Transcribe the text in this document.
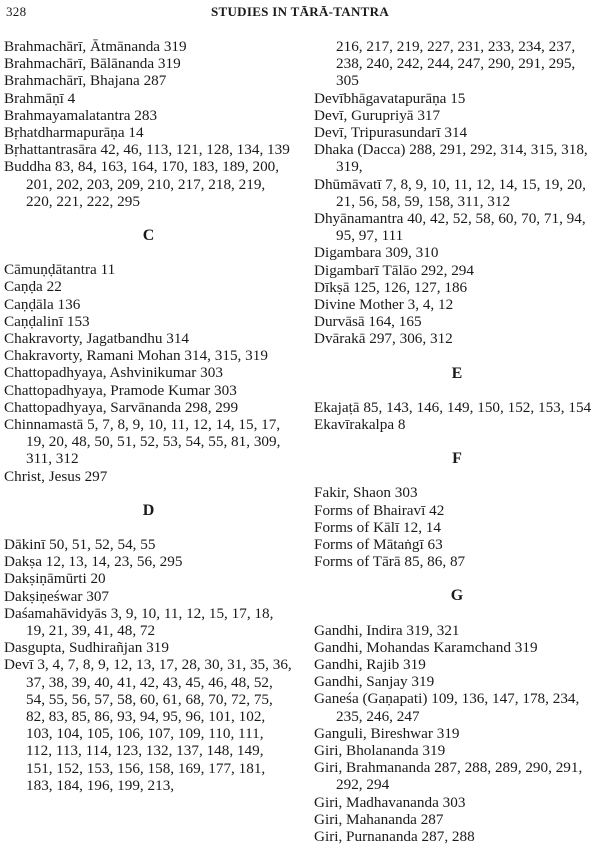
328	STUDIES IN TĀRĀ-TANTRA
Brahmachārī, Ātmānanda 319
Brahmachārī, Bālānanda 319
Brahmachārī, Bhajana 287
Brahmāṇī 4
Brahmayamalatantra 283
Bṛhatdharmapurāṇa 14
Bṛhattantrasāra 42, 46, 113, 121, 128, 134, 139
Buddha 83, 84, 163, 164, 170, 183, 189, 200, 201, 202, 203, 209, 210, 217, 218, 219, 220, 221, 222, 295
C
Cāmuṇḍātantra 11
Caṇḍa 22
Caṇḍāla 136
Caṇḍalinī 153
Chakravorty, Jagatbandhu 314
Chakravorty, Ramani Mohan 314, 315, 319
Chattopadhyaya, Ashvinikumar 303
Chattopadhyaya, Pramode Kumar 303
Chattopadhyaya, Sarvānanda 298, 299
Chinnamastā 5, 7, 8, 9, 10, 11, 12, 14, 15, 17, 19, 20, 48, 50, 51, 52, 53, 54, 55, 81, 309, 311, 312
Christ, Jesus 297
D
Dākinī 50, 51, 52, 54, 55
Dakṣa 12, 13, 14, 23, 56, 295
Dakṣiṇāmūrti 20
Dakṣiṇeśwar 307
Daśamahāvidyās 3, 9, 10, 11, 12, 15, 17, 18, 19, 21, 39, 41, 48, 72
Dasgupta, Sudhirañjan 319
Devī 3, 4, 7, 8, 9, 12, 13, 17, 28, 30, 31, 35, 36, 37, 38, 39, 40, 41, 42, 43, 45, 46, 48, 52, 54, 55, 56, 57, 58, 60, 61, 68, 70, 72, 75, 82, 83, 85, 86, 93, 94, 95, 96, 101, 102, 103, 104, 105, 106, 107, 109, 110, 111, 112, 113, 114, 123, 132, 137, 148, 149, 151, 152, 153, 156, 158, 169, 177, 181, 183, 184, 196, 199, 213,
216, 217, 219, 227, 231, 233, 234, 237, 238, 240, 242, 244, 247, 290, 291, 295, 305
Devībhāgavatapurāṇa 15
Devī, Gurupriyā 317
Devī, Tripurasundarī 314
Dhaka (Dacca) 288, 291, 292, 314, 315, 318, 319,
Dhūmāvatī 7, 8, 9, 10, 11, 12, 14, 15, 19, 20, 21, 56, 58, 59, 158, 311, 312
Dhyānamantra 40, 42, 52, 58, 60, 70, 71, 94, 95, 97, 111
Digambara 309, 310
Digambarī Tālāo 292, 294
Dīkṣā 125, 126, 127, 186
Divine Mother 3, 4, 12
Durvāsā 164, 165
Dvārakā 297, 306, 312
E
Ekajaṭā 85, 143, 146, 149, 150, 152, 153, 154
Ekavīrakalpa 8
F
Fakir, Shaon 303
Forms of Bhairavī 42
Forms of Kālī 12, 14
Forms of Mātaṅgī 63
Forms of Tārā 85, 86, 87
G
Gandhi, Indira 319, 321
Gandhi, Mohandas Karamchand 319
Gandhi, Rajib 319
Gandhi, Sanjay 319
Ganeśa (Gaṇapati) 109, 136, 147, 178, 234, 235, 246, 247
Ganguli, Bireshwar 319
Giri, Bholananda 319
Giri, Brahmananda 287, 288, 289, 290, 291, 292, 294
Giri, Madhavananda 303
Giri, Mahananda 287
Giri, Purnananda 287, 288
